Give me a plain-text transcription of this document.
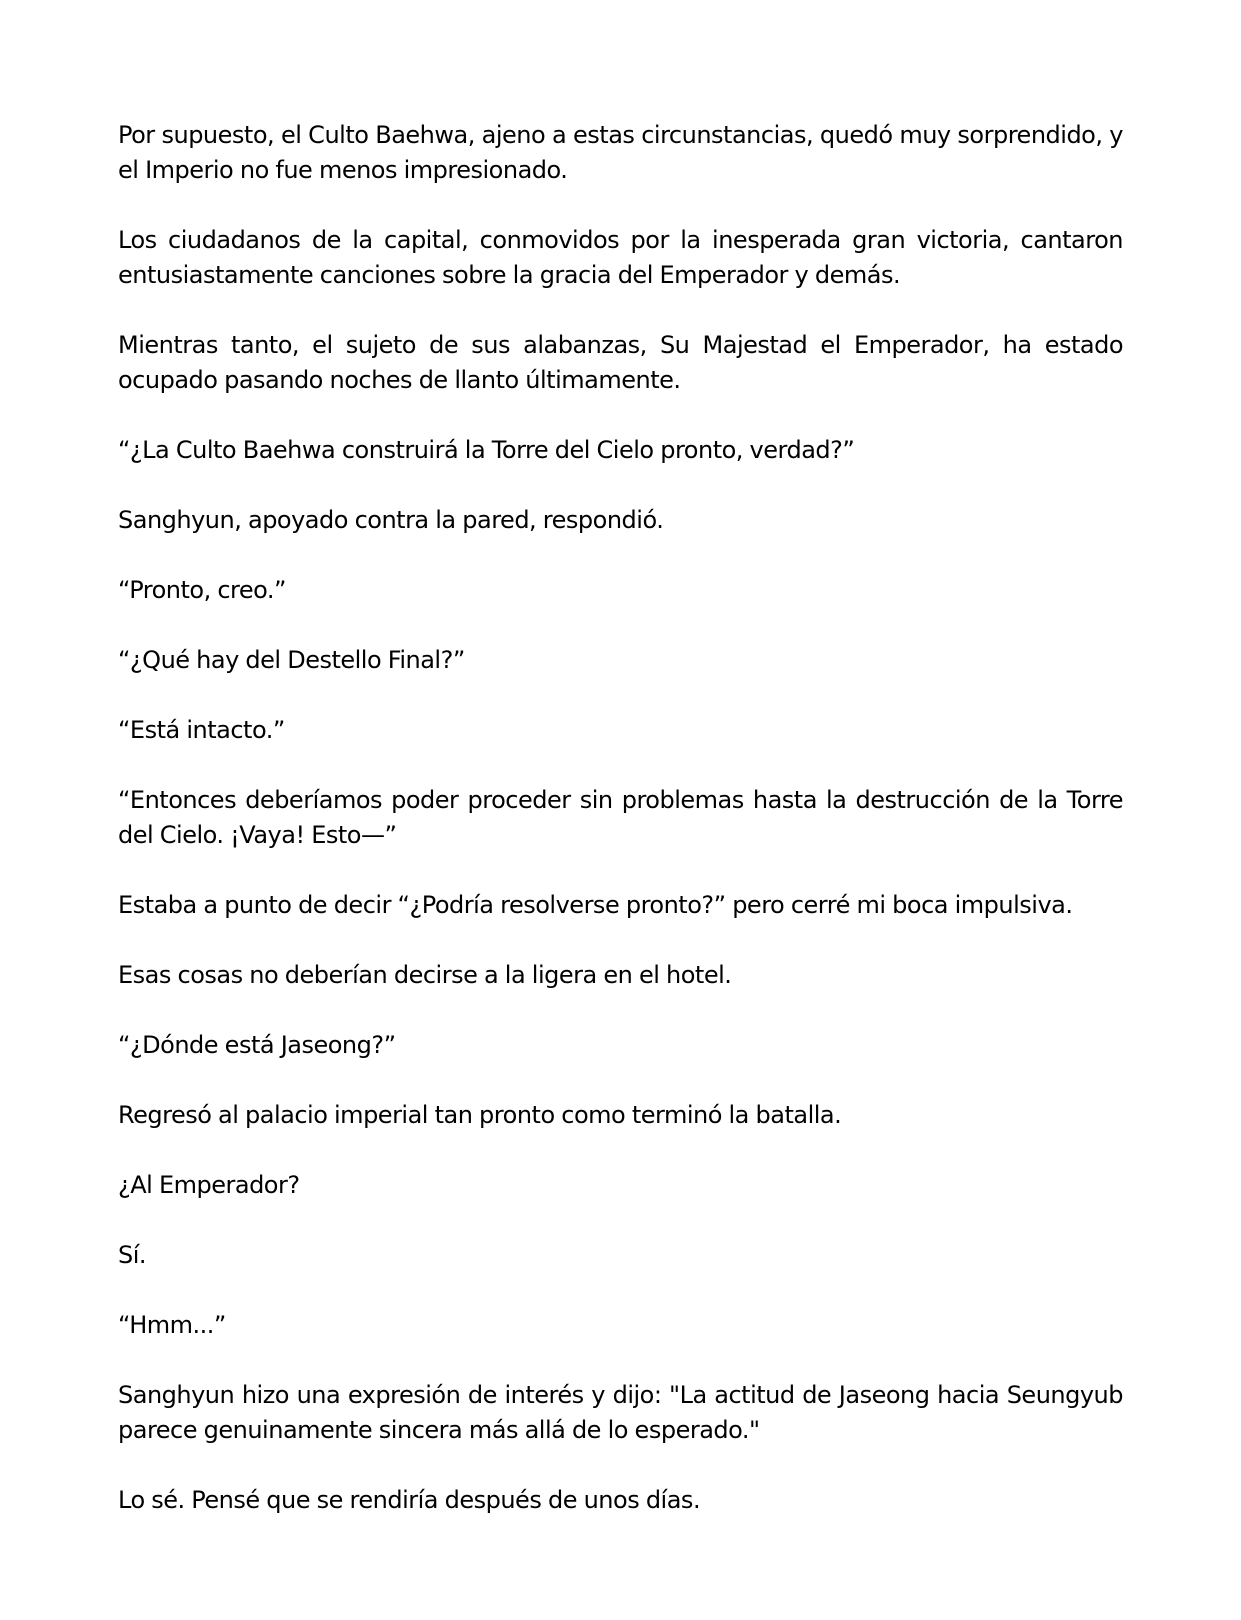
Por supuesto, el Culto Baehwa, ajeno a estas circunstancias, quedó muy sorprendido, y el Imperio no fue menos impresionado.

Los ciudadanos de la capital, conmovidos por la inesperada gran victoria, cantaron entusiastamente canciones sobre la gracia del Emperador y demás.

Mientras tanto, el sujeto de sus alabanzas, Su Majestad el Emperador, ha estado ocupado pasando noches de llanto últimamente.

“¿La Culto Baehwa construirá la Torre del Cielo pronto, verdad?”

Sanghyun, apoyado contra la pared, respondió.

“Pronto, creo.”

“¿Qué hay del Destello Final?”

“Está intacto.”

“Entonces deberíamos poder proceder sin problemas hasta la destrucción de la Torre del Cielo. ¡Vaya! Esto—”

Estaba a punto de decir “¿Podría resolverse pronto?” pero cerré mi boca impulsiva.

Esas cosas no deberían decirse a la ligera en el hotel.

“¿Dónde está Jaseong?”

Regresó al palacio imperial tan pronto como terminó la batalla.

¿Al Emperador?

Sí.

“Hmm...”

Sanghyun hizo una expresión de interés y dijo: "La actitud de Jaseong hacia Seungyub parece genuinamente sincera más allá de lo esperado."

Lo sé. Pensé que se rendiría después de unos días.
